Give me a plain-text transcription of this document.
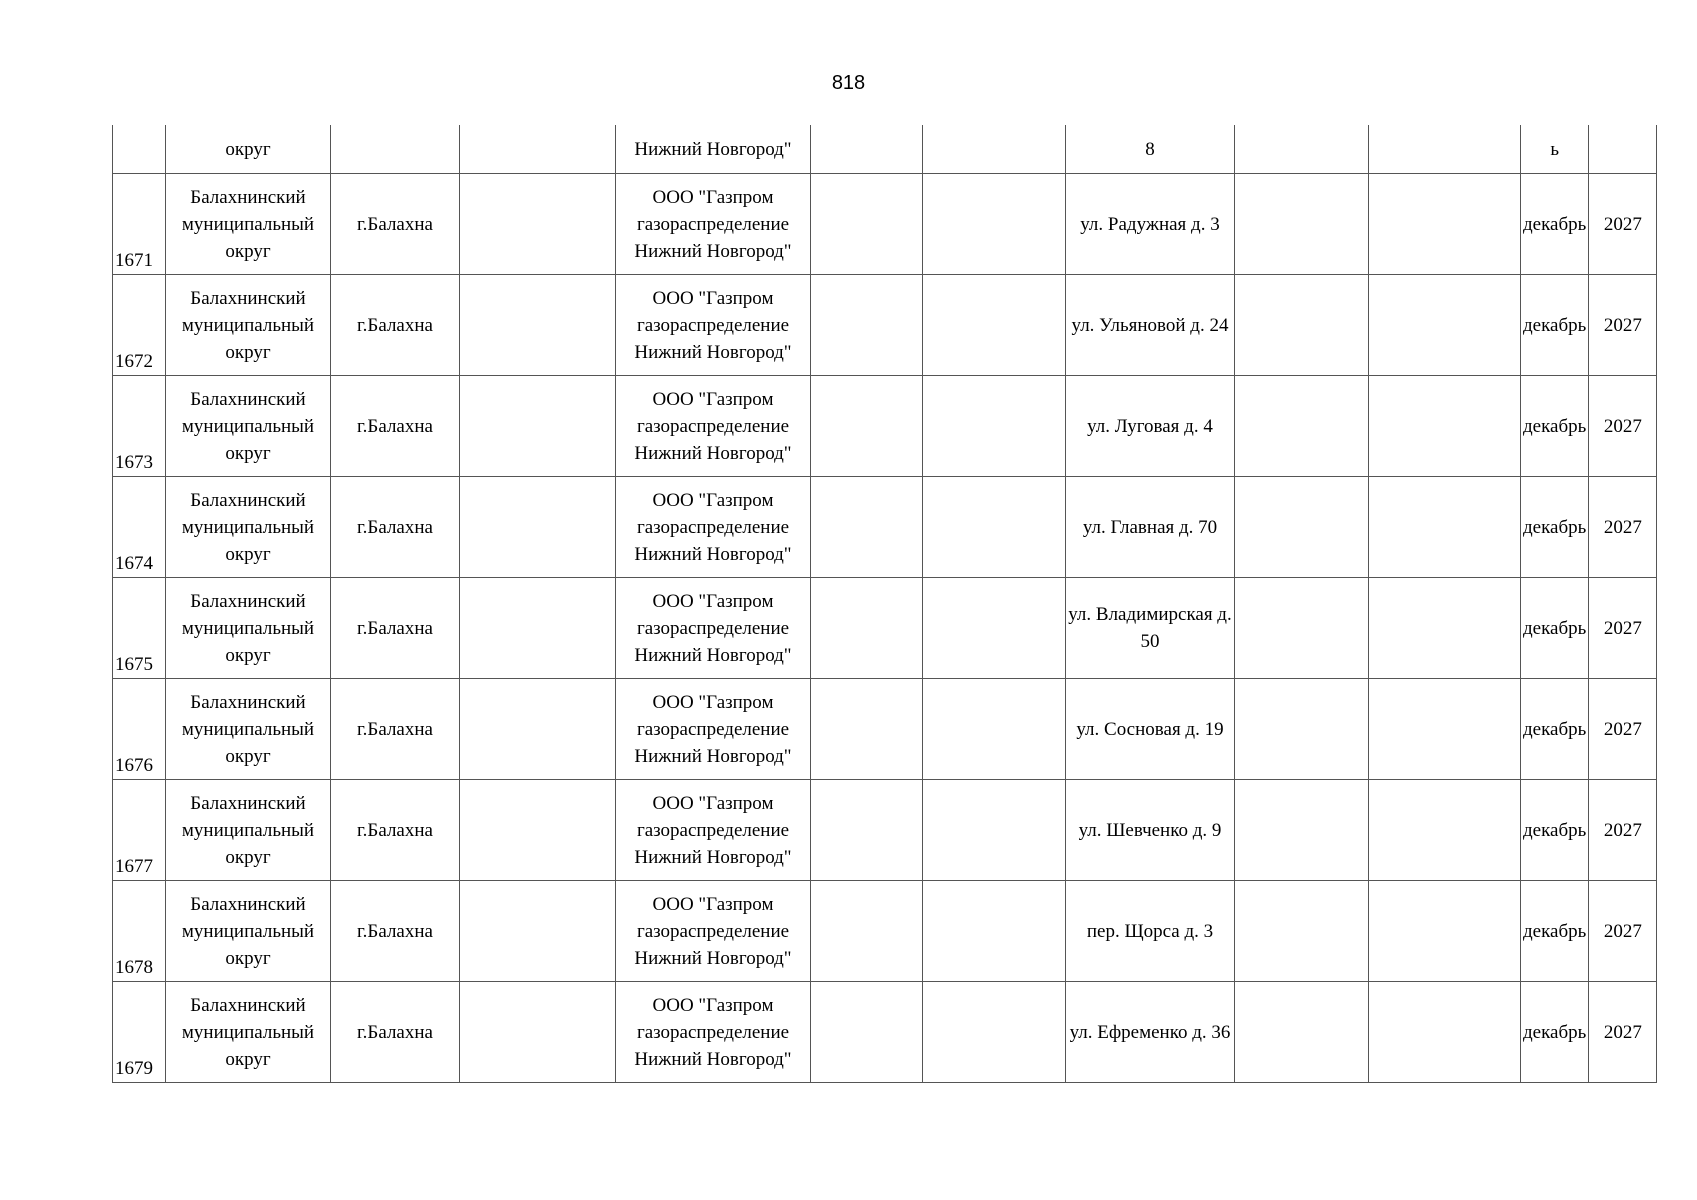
818
	округ			Нижний Новгород"			8			ь	
1671	Балахнинский муниципальный округ	г.Балахна		ООО "Газпром газораспределение Нижний Новгород"			ул. Радужная д. 3			декабрь	2027
1672	Балахнинский муниципальный округ	г.Балахна		ООО "Газпром газораспределение Нижний Новгород"			ул. Ульяновой д. 24			декабрь	2027
1673	Балахнинский муниципальный округ	г.Балахна		ООО "Газпром газораспределение Нижний Новгород"			ул. Луговая д. 4			декабрь	2027
1674	Балахнинский муниципальный округ	г.Балахна		ООО "Газпром газораспределение Нижний Новгород"			ул. Главная д. 70			декабрь	2027
1675	Балахнинский муниципальный округ	г.Балахна		ООО "Газпром газораспределение Нижний Новгород"			ул. Владимирская д. 50			декабрь	2027
1676	Балахнинский муниципальный округ	г.Балахна		ООО "Газпром газораспределение Нижний Новгород"			ул. Сосновая д. 19			декабрь	2027
1677	Балахнинский муниципальный округ	г.Балахна		ООО "Газпром газораспределение Нижний Новгород"			ул. Шевченко д. 9			декабрь	2027
1678	Балахнинский муниципальный округ	г.Балахна		ООО "Газпром газораспределение Нижний Новгород"			пер. Щорса д. 3			декабрь	2027
1679	Балахнинский муниципальный округ	г.Балахна		ООО "Газпром газораспределение Нижний Новгород"			ул. Ефременко д. 36			декабрь	2027
